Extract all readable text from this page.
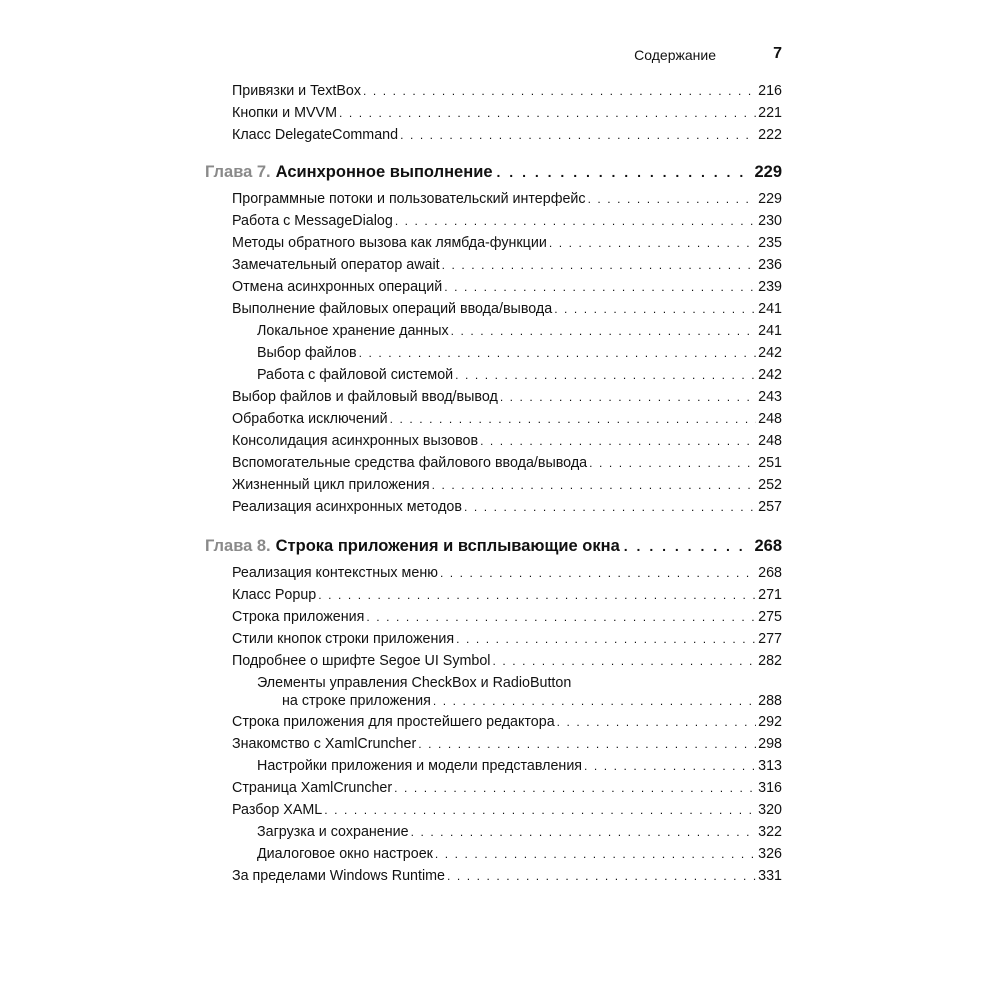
Содержание	7
Привязки и TextBox . . .	216
Кнопки и MVVM . . .	221
Класс DelegateCommand . . .	222
Глава 7. Асинхронное выполнение . . .	229
Программные потоки и пользовательский интерфейс . . .	229
Работа с MessageDialog . . .	230
Методы обратного вызова как лямбда-функции . . .	235
Замечательный оператор await . . .	236
Отмена асинхронных операций . . .	239
Выполнение файловых операций ввода/вывода . . .	241
Локальное хранение данных . . .	241
Выбор файлов . . .	242
Работа с файловой системой . . .	242
Выбор файлов и файловый ввод/вывод . . .	243
Обработка исключений . . .	248
Консолидация асинхронных вызовов . . .	248
Вспомогательные средства файлового ввода/вывода . . .	251
Жизненный цикл приложения . . .	252
Реализация асинхронных методов . . .	257
Глава 8. Строка приложения и всплывающие окна . . .	268
Реализация контекстных меню . . .	268
Класс Popup . . .	271
Строка приложения . . .	275
Стили кнопок строки приложения . . .	277
Подробнее о шрифте Segoe UI Symbol . . .	282
Элементы управления CheckBox и RadioButton
на строке приложения . . .	288
Строка приложения для простейшего редактора . . .	292
Знакомство с XamlCruncher . . .	298
Настройки приложения и модели представления . . .	313
Страница XamlCruncher . . .	316
Разбор XAML . . .	320
Загрузка и сохранение . . .	322
Диалоговое окно настроек . . .	326
За пределами Windows Runtime . . .	331
